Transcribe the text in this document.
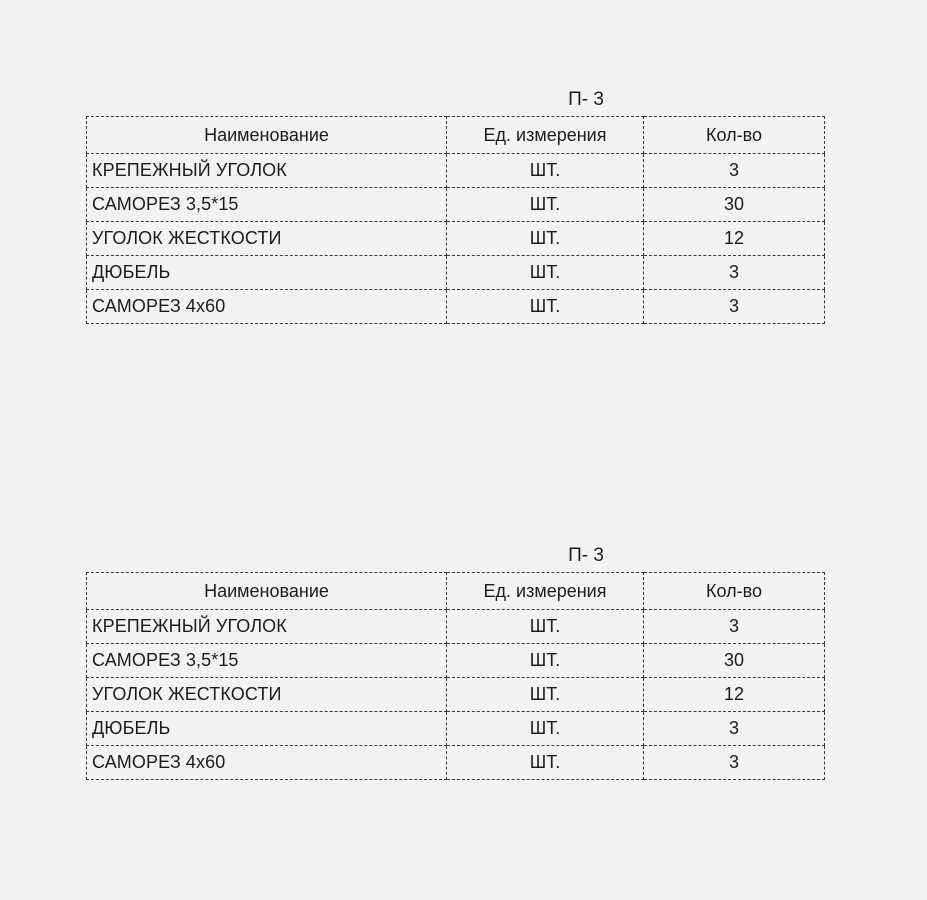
П- 3
Наименование	Ед. измерения	Кол-во
КРЕПЕЖНЫЙ УГОЛОК	ШТ.	3
САМОРЕЗ 3,5*15	ШТ.	30
УГОЛОК ЖЕСТКОСТИ	ШТ.	12
ДЮБЕЛЬ	ШТ.	3
САМОРЕЗ 4х60	ШТ.	3
П- 3
Наименование	Ед. измерения	Кол-во
КРЕПЕЖНЫЙ УГОЛОК	ШТ.	3
САМОРЕЗ 3,5*15	ШТ.	30
УГОЛОК ЖЕСТКОСТИ	ШТ.	12
ДЮБЕЛЬ	ШТ.	3
САМОРЕЗ 4х60	ШТ.	3
